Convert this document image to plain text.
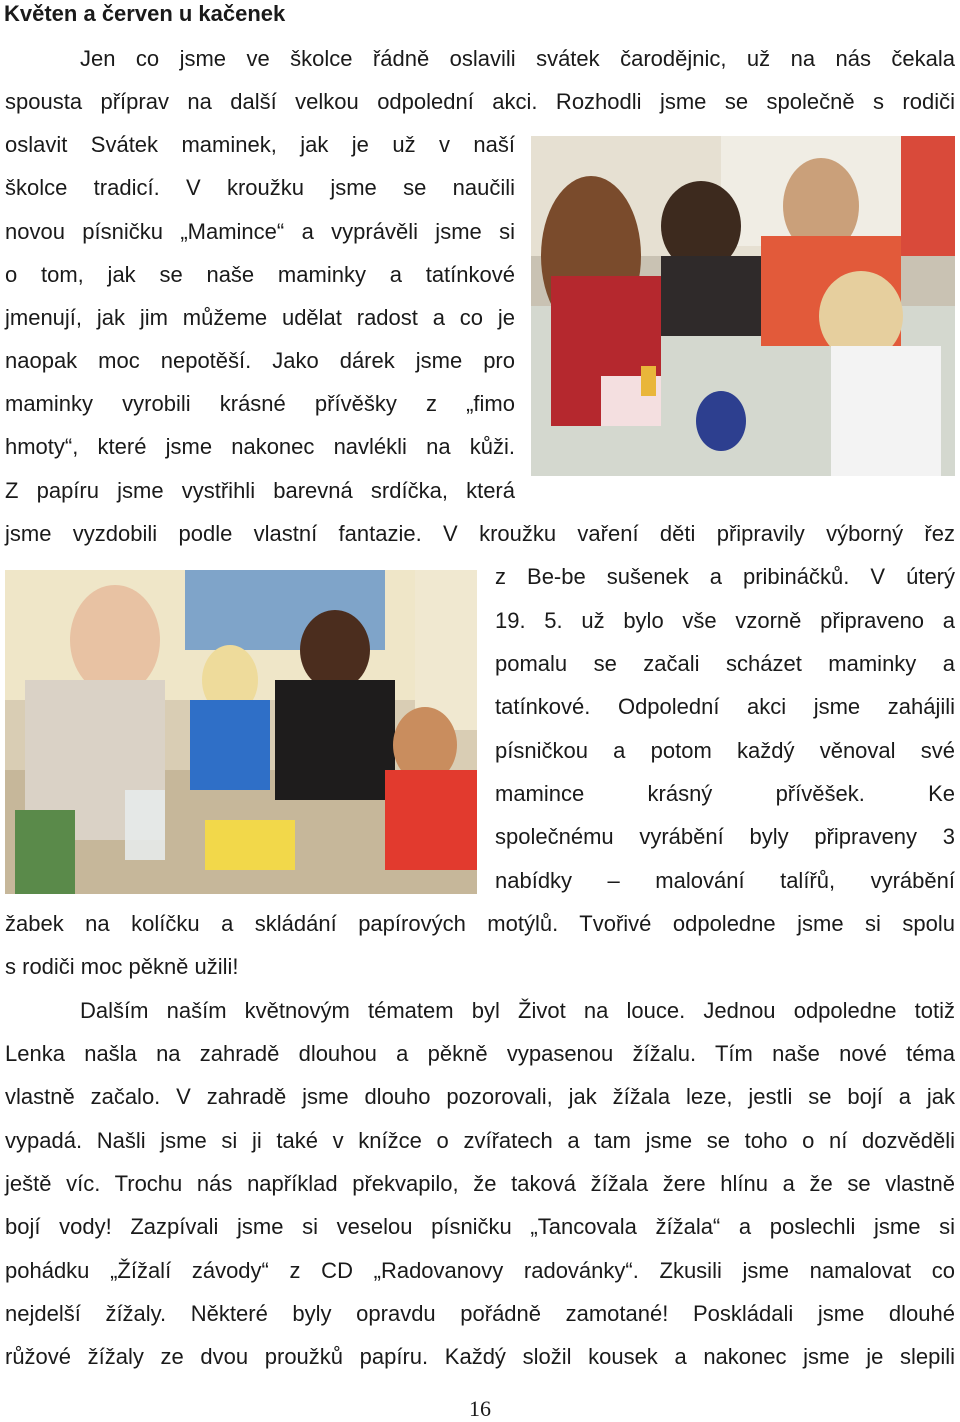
Květen a červen u kačenek
Jen co jsme ve školce řádně oslavili svátek čarodějnic, už na nás čekala
spousta příprav na další velkou odpolední akci. Rozhodli jsme se společně s rodiči
oslavit Svátek maminek, jak je už v naší
školce tradicí. V kroužku jsme se naučili
novou písničku „Mamince“ a vyprávěli jsme si
o tom, jak se naše maminky a tatínkové
jmenují, jak jim můžeme udělat radost a co je
naopak moc nepotěší. Jako dárek jsme pro
maminky vyrobili krásné přívěšky z „fimo
hmoty“, které jsme nakonec navlékli na kůži.
Z papíru jsme vystřihli barevná srdíčka, která
jsme vyzdobili podle vlastní fantazie. V kroužku vaření děti připravily výborný řez
z Be-be sušenek a pribináčků. V úterý
19. 5. už bylo vše vzorně připraveno a
pomalu se začali scházet maminky a
tatínkové. Odpolední akci jsme zahájili
písničkou a potom každý věnoval své
mamince krásný přívěšek. Ke
společnému vyrábění byly připraveny 3
nabídky – malování talířů, vyrábění
žabek na kolíčku a skládání papírových motýlů. Tvořivé odpoledne jsme si spolu
s rodiči moc pěkně užili!
Dalším naším květnovým tématem byl Život na louce. Jednou odpoledne totiž
Lenka našla na zahradě dlouhou a pěkně vypasenou žížalu. Tím naše nové téma
vlastně začalo. V zahradě jsme dlouho pozorovali, jak žížala leze, jestli se bojí a jak
vypadá. Našli jsme si ji také v knížce o zvířatech a tam jsme se toho o ní dozvěděli
ještě víc. Trochu nás například překvapilo, že taková žížala žere hlínu a že se vlastně
bojí vody! Zazpívali jsme si veselou písničku „Tancovala žížala“ a poslechli jsme si
pohádku „Žížalí závody“ z CD „Radovanovy radovánky“. Zkusili jsme namalovat co
nejdelší žížaly. Některé byly opravdu pořádně zamotané! Poskládali jsme dlouhé
růžové žížaly ze dvou proužků papíru. Každý složil kousek a nakonec jsme je slepili
16
